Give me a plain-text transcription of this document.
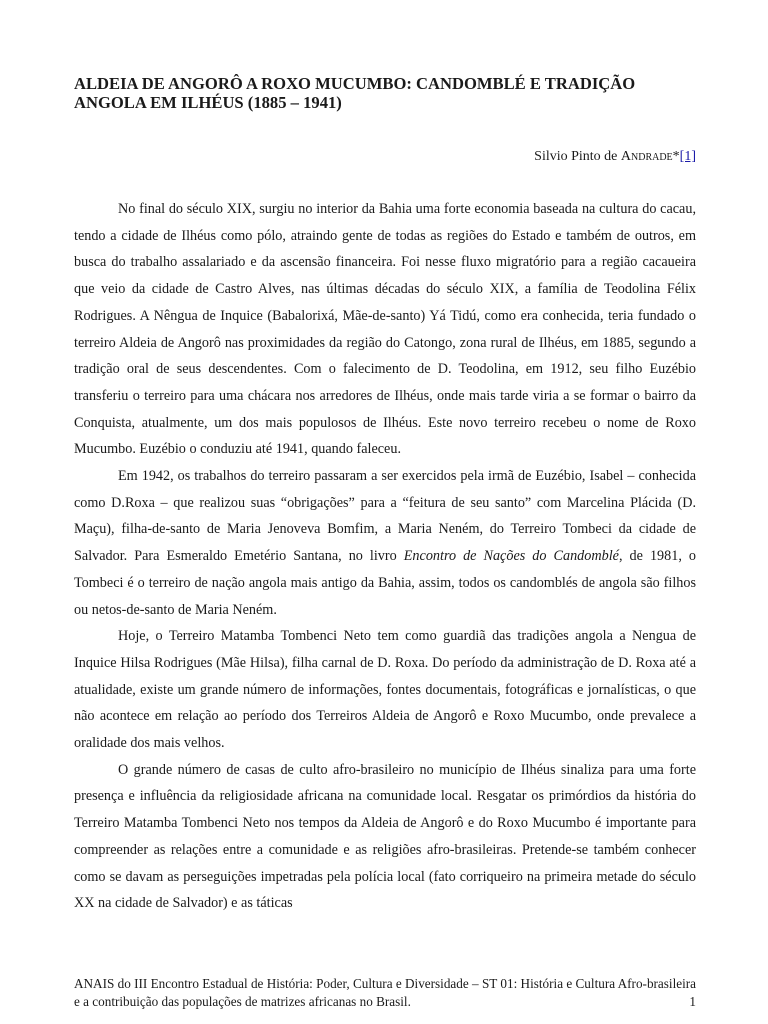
ALDEIA DE ANGORÔ A ROXO MUCUMBO: CANDOMBLÉ E TRADIÇÃO ANGOLA EM ILHÉUS (1885 – 1941)
Silvio Pinto de Andrade*[1]

No final do século XIX, surgiu no interior da Bahia uma forte economia baseada na cultura do cacau, tendo a cidade de Ilhéus como pólo, atraindo gente de todas as regiões do Estado e também de outros, em busca do trabalho assalariado e da ascensão financeira. Foi nesse fluxo migratório para a região cacaueira que veio da cidade de Castro Alves, nas últimas décadas do século XIX, a família de Teodolina Félix Rodrigues. A Nêngua de Inquice (Babalorixá, Mãe-de-santo) Yá Tidú, como era conhecida, teria fundado o terreiro Aldeia de Angorô nas proximidades da região do Catongo, zona rural de Ilhéus, em 1885, segundo a tradição oral de seus descendentes. Com o falecimento de D. Teodolina, em 1912, seu filho Euzébio transferiu o terreiro para uma chácara nos arredores de Ilhéus, onde mais tarde viria a se formar o bairro da Conquista, atualmente, um dos mais populosos de Ilhéus. Este novo terreiro recebeu o nome de Roxo Mucumbo. Euzébio o conduziu até 1941, quando faleceu.

Em 1942, os trabalhos do terreiro passaram a ser exercidos pela irmã de Euzébio, Isabel – conhecida como D.Roxa – que realizou suas “obrigações” para a “feitura de seu santo” com Marcelina Plácida (D. Maçu), filha-de-santo de Maria Jenoveva Bomfim, a Maria Neném, do Terreiro Tombeci da cidade de Salvador. Para Esmeraldo Emetério Santana, no livro Encontro de Nações do Candomblé, de 1981, o Tombeci é o terreiro de nação angola mais antigo da Bahia, assim, todos os candomblés de angola são filhos ou netos-de-santo de Maria Neném.

Hoje, o Terreiro Matamba Tombenci Neto tem como guardiã das tradições angola a Nengua de Inquice Hilsa Rodrigues (Mãe Hilsa), filha carnal de D. Roxa. Do período da administração de D. Roxa até a atualidade, existe um grande número de informações, fontes documentais, fotográficas e jornalísticas, o que não acontece em relação ao período dos Terreiros Aldeia de Angorô e Roxo Mucumbo, onde prevalece a oralidade dos mais velhos.

O grande número de casas de culto afro-brasileiro no município de Ilhéus sinaliza para uma forte presença e influência da religiosidade africana na comunidade local. Resgatar os primórdios da história do Terreiro Matamba Tombenci Neto nos tempos da Aldeia de Angorô e do Roxo Mucumbo é importante para compreender as relações entre a comunidade e as religiões afro-brasileiras. Pretende-se também conhecer como se davam as perseguições impetradas pela polícia local (fato corriqueiro na primeira metade do século XX na cidade de Salvador) e as táticas

ANAIS do III Encontro Estadual de História: Poder, Cultura e Diversidade – ST 01: História e Cultura Afro-brasileira e a contribuição das populações de matrizes africanas no Brasil.	1
